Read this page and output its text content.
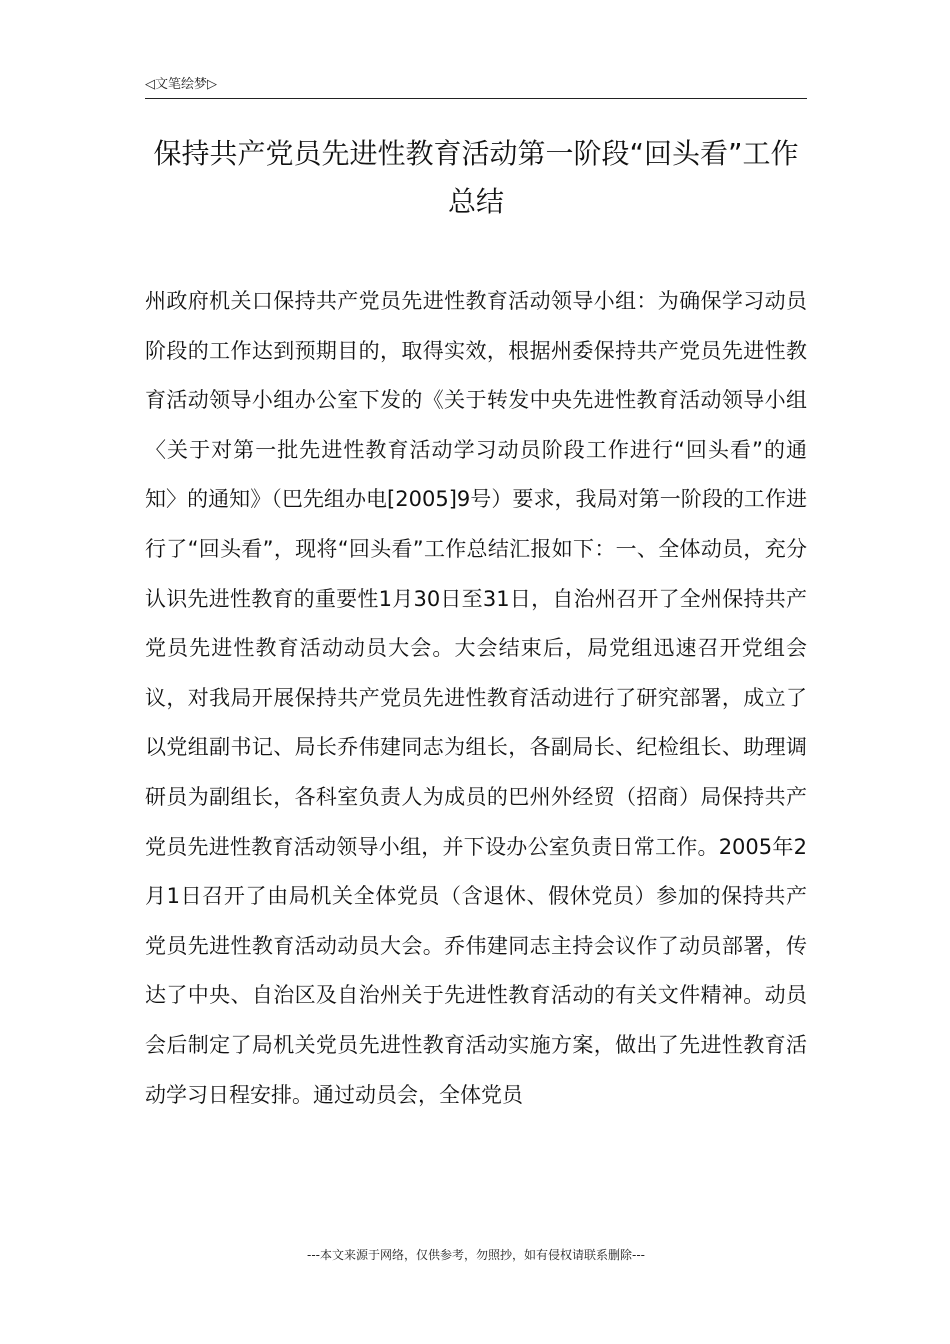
◁文笔绘梦▷
保持共产党员先进性教育活动第一阶段“回头看”工作总结

州政府机关口保持共产党员先进性教育活动领导小组：为确保学习动员阶段的工作达到预期目的，取得实效，根据州委保持共产党员先进性教育活动领导小组办公室下发的《关于转发中央先进性教育活动领导小组〈关于对第一批先进性教育活动学习动员阶段工作进行“回头看”的通知〉的通知》（巴先组办电[2005]9号）要求，我局对第一阶段的工作进行了“回头看”，现将“回头看”工作总结汇报如下：一、全体动员，充分认识先进性教育的重要性1月30日至31日，自治州召开了全州保持共产党员先进性教育活动动员大会。大会结束后，局党组迅速召开党组会议，对我局开展保持共产党员先进性教育活动进行了研究部署，成立了以党组副书记、局长乔伟建同志为组长，各副局长、纪检组长、助理调研员为副组长，各科室负责人为成员的巴州外经贸（招商）局保持共产党员先进性教育活动领导小组，并下设办公室负责日常工作。2005年2月1日召开了由局机关全体党员（含退休、假休党员）参加的保持共产党员先进性教育活动动员大会。乔伟建同志主持会议作了动员部署，传达了中央、自治区及自治州关于先进性教育活动的有关文件精神。动员会后制定了局机关党员先进性教育活动实施方案，做出了先进性教育活动学习日程安排。通过动员会，全体党员

---本文来源于网络，仅供参考，勿照抄，如有侵权请联系删除---
